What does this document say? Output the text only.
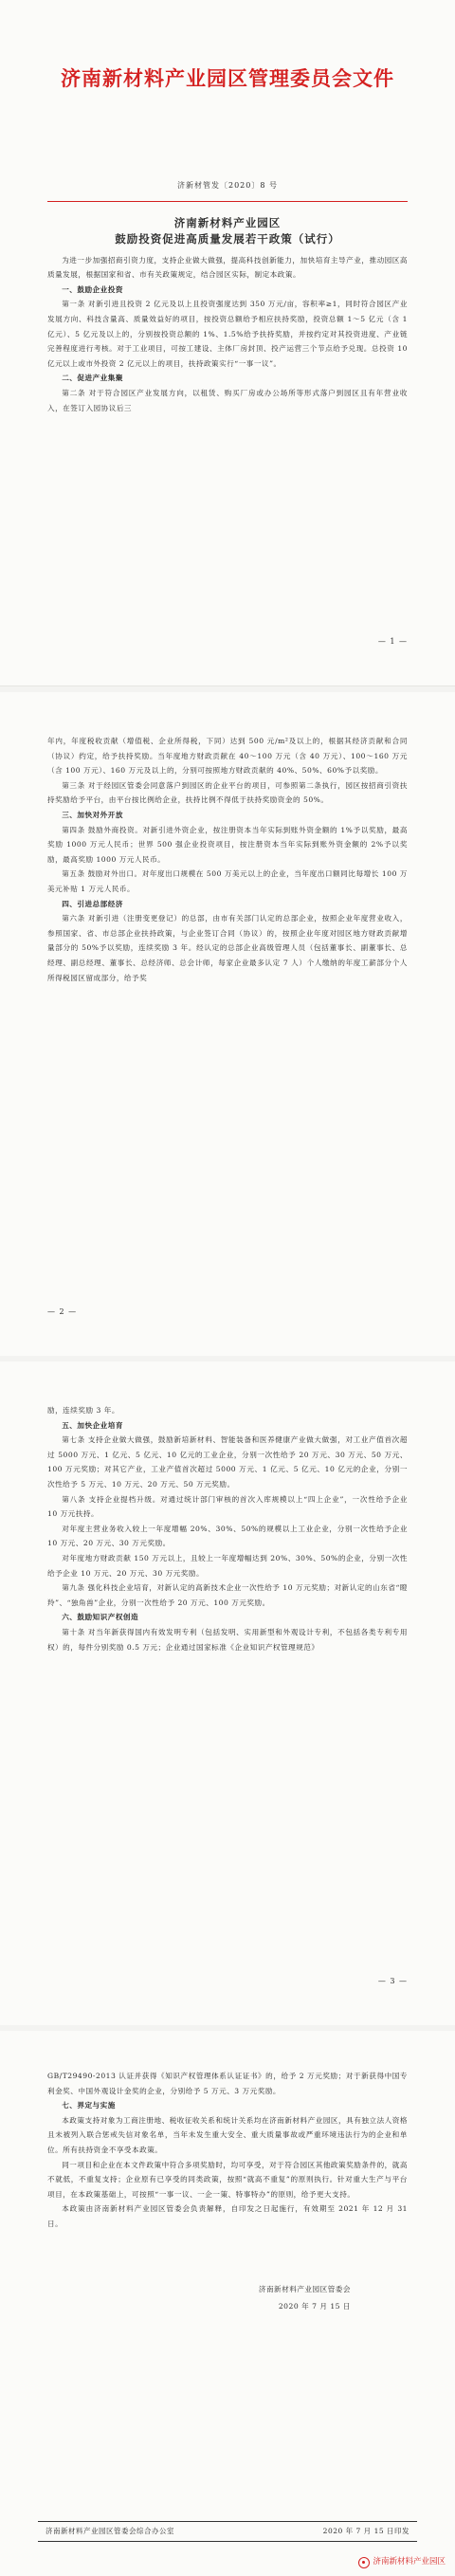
济南新材料产业园区管理委员会文件
济新材管发〔2020〕8 号
济南新材料产业园区
鼓励投资促进高质量发展若干政策（试行）

为进一步加强招商引资力度，支持企业做大做强，提高科技创新能力，加快培育主导产业，推动园区高质量发展，根据国家和省、市有关政策规定，结合园区实际，制定本政策。

一、鼓励企业投资

第一条 对新引进且投资 2 亿元及以上且投资强度达到 350 万元/亩，容积率≥1，同时符合园区产业发展方向、科技含量高、质量效益好的项目，按投资总额给予相应扶持奖励，投资总额 1～5 亿元（含 1 亿元）、5 亿元及以上的，分别按投资总额的 1%、1.5%给予扶持奖励，并按约定对其投资进度、产业链完善程度进行考核。对于工业项目，可按工建设、主体厂房封顶、投产运营三个节点给予兑现。总投资 10 亿元以上或市外投资 2 亿元以上的项目，扶持政策实行“一事一议”。

二、促进产业集聚

第二条 对于符合园区产业发展方向，以租赁、购买厂房或办公场所等形式落户到园区且有年营业收入，在签订入园协议后三

— 1 —

年内，年度税收贡献（增值税、企业所得税，下同）达到 500 元/m²及以上的，根据其经济贡献和合同（协议）约定，给予扶持奖励。当年度地方财政贡献在 40～100 万元（含 40 万元）、100～160 万元（含 100 万元）、160 万元及以上的，分别可按照地方财政贡献的 40%、50%、60%予以奖励。

第三条 对于经园区管委会同意落户到园区的企业平台的项目，可参照第二条执行，园区按招商引资扶持奖励给予平台，由平台按比例给企业，扶持比例不得低于扶持奖励资金的 50%。

三、加快对外开放

第四条 鼓励外商投资。对新引进外资企业，按注册资本当年实际到账外资金额的 1%予以奖励，最高奖励 1000 万元人民币；世界 500 强企业投资项目，按注册资本当年实际到账外资金额的 2%予以奖励，最高奖励 1000 万元人民币。

第五条 鼓励对外出口。对年度出口规模在 500 万美元以上的企业，当年度出口额同比每增长 100 万美元补贴 1 万元人民币。

四、引进总部经济

第六条 对新引进（注册变更登记）的总部，由市有关部门认定的总部企业，按照企业年度营业收入，参照国家、省、市总部企业扶持政策，与企业签订合同（协议）的，按照企业年度对园区地方财政贡献增量部分的 50%予以奖励，连续奖励 3 年。经认定的总部企业高级管理人员（包括董事长、副董事长、总经理、副总经理、董事长、总经济师、总会计师，每家企业最多认定 7 人）个人缴纳的年度工薪部分个人所得税园区留成部分，给予奖

— 2 —

励，连续奖励 3 年。

五、加快企业培育

第七条 支持企业做大做强，鼓励新培新材料、智能装备和医养健康产业做大做强，对工业产值首次超过 5000 万元、1 亿元、5 亿元、10 亿元的工业企业，分别一次性给予 20 万元、30 万元、50 万元、100 万元奖励；对其它产业，工业产值首次超过 5000 万元、1 亿元、5 亿元、10 亿元的企业，分别一次性给予 5 万元、10 万元、20 万元、50 万元奖励。

第八条 支持企业提档升级。对通过统计部门审核的首次入库规模以上“四上企业”，一次性给予企业 10 万元扶持。

对年度主营业务收入较上一年度增幅 20%、30%、50%的规模以上工业企业，分别一次性给予企业 10 万元、20 万元、30 万元奖励。

对年度地方财政贡献 150 万元以上，且较上一年度增幅达到 20%、30%、50%的企业，分别一次性给予企业 10 万元、20 万元、30 万元奖励。

第九条 强化科技企业培育，对新认定的高新技术企业一次性给予 10 万元奖励；对新认定的山东省“瞪羚”、“独角兽”企业，分别一次性给予 20 万元、100 万元奖励。

六、鼓励知识产权创造

第十条 对当年新获得国内有效发明专利（包括发明、实用新型和外观设计专利，不包括各类专利专用权）的，每件分别奖励 0.5 万元；企业通过国家标准《企业知识产权管理规范》

— 3 —

GB/T29490-2013 认证并获得《知识产权管理体系认证证书》的，给予 2 万元奖励；对于新获得中国专利金奖、中国外观设计金奖的企业，分别给予 5 万元、3 万元奖励。

七、界定与实施

本政策支持对象为工商注册地、税收征收关系和统计关系均在济南新材料产业园区，具有独立法人资格且未被列入联合惩戒失信对象名单，当年未发生重大安全、重大质量事故或严重环境违法行为的企业和单位。所有扶持资金不享受本政策。

同一项目和企业在本文件政策中符合多项奖励时，均可享受，对于符合园区其他政策奖励条件的，就高不就低，不重复支持；企业原有已享受的同类政策，按照“就高不重复”的原则执行。针对重大生产与平台项目，在本政策基础上，可按照“一事一议、一企一策、特事特办”的原则，给予更大支持。

本政策由济南新材料产业园区管委会负责解释，自印发之日起施行，有效期至 2021 年 12 月 31 日。

济南新材料产业园区管委会
2020 年 7 月 15 日
济南新材料产业园区管委会综合办公室	2020 年 7 月 15 日印发
济南新材料产业园区
